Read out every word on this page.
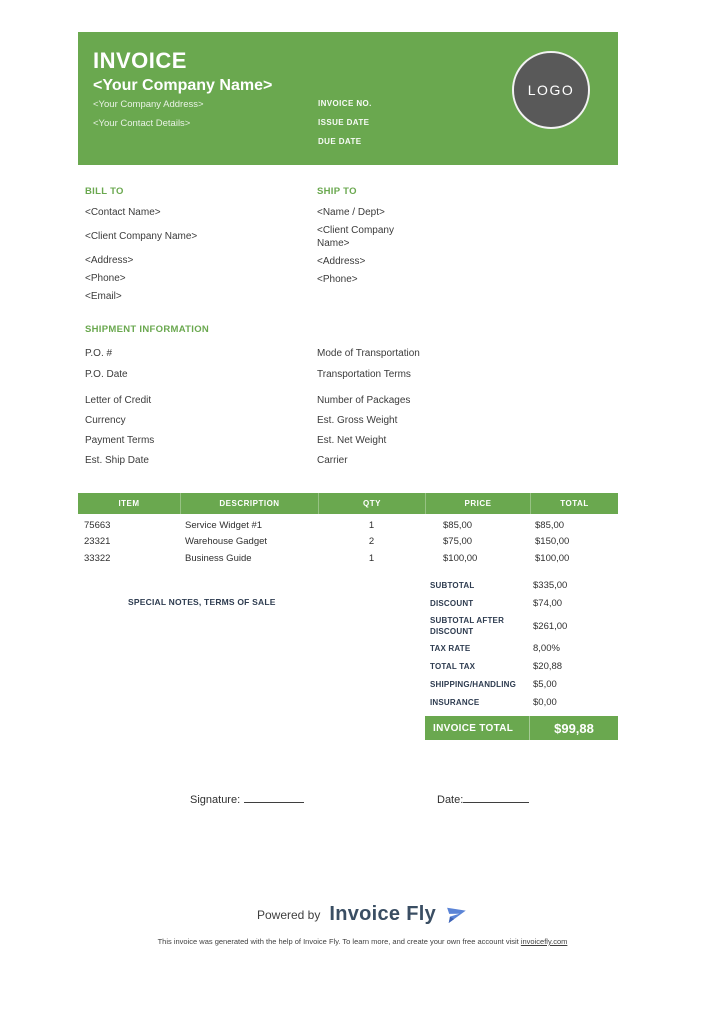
INVOICE
<Your Company Name>
<Your Company Address>
<Your Contact Details>
INVOICE NO.
ISSUE DATE
DUE DATE
LOGO
BILL TO
<Contact Name>
<Client Company Name>
<Address>
<Phone>
<Email>
SHIP TO
<Name / Dept>
<Client Company Name>
<Address>
<Phone>
SHIPMENT INFORMATION
P.O. #	Mode of Transportation
P.O. Date	Transportation Terms
Letter of Credit	Number of Packages
Currency	Est. Gross Weight
Payment Terms	Est. Net Weight
Est. Ship Date	Carrier
ITEM	DESCRIPTION	QTY	PRICE	TOTAL
75663	Service Widget #1	1	$85,00	$85,00
23321	Warehouse Gadget	2	$75,00	$150,00
33322	Business Guide	1	$100,00	$100,00
SPECIAL NOTES, TERMS OF SALE
SUBTOTAL	$335,00
DISCOUNT	$74,00
SUBTOTAL AFTER DISCOUNT	$261,00
TAX RATE	8,00%
TOTAL TAX	$20,88
SHIPPING/HANDLING	$5,00
INSURANCE	$0,00
INVOICE TOTAL	$99,88
Signature:	Date:
Powered by Invoice Fly
This invoice was generated with the help of Invoice Fly. To learn more, and create your own free account visit invoicefly.com
